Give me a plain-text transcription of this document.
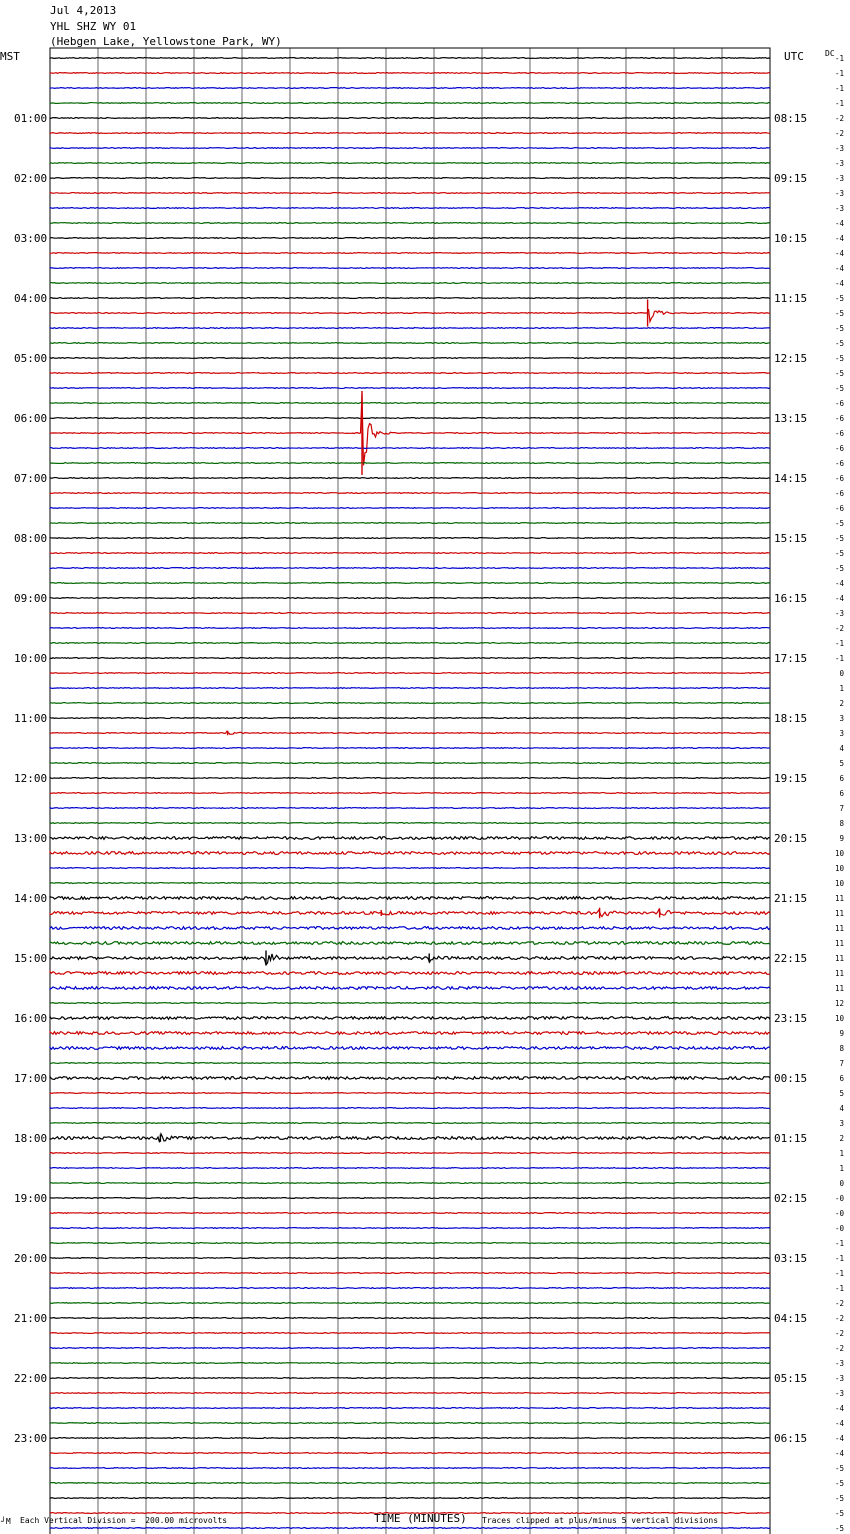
Jul 4,2013
YHL SHZ WY 01
(Hebgen Lake, Yellowstone Park, WY)
MST	UTC	DC
01:00
02:00
03:00
04:00
05:00
06:00
07:00
08:00
09:00
10:00
11:00
12:00
13:00
14:00
15:00
16:00
17:00
18:00
19:00
20:00
21:00
22:00
23:00
08:15
09:15
10:15
11:15
12:15
13:15
14:15
15:15
16:15
17:15
18:15
19:15
20:15
21:15
22:15
23:15
00:15
01:15
02:15
03:15
04:15
05:15
06:15
-1
-1
-1
-1
-2
-2
-3
-3
-3
-3
-3
-4
-4
-4
-4
-4
-5
-5
-5
-5
-5
-5
-5
-6
-6
-6
-6
-6
-6
-6
-6
-5
-5
-5
-5
-4
-4
-3
-2
-1
-1
0
1
2
3
3
4
5
6
6
7
8
9
10
10
10
11
11
11
11
11
11
11
12
10
9
8
7
6
5
4
3
2
1
1
0
-0
-0
-0
-1
-1
-1
-1
-2
-2
-2
-2
-3
-3
-3
-4
-4
-4
-4
-5
-5
-5
-5
-5
┘M Each Vertical Division =  200.00 microvolts	TIME (MINUTES) Traces clipped at plus/minus 5 vertical divisions
